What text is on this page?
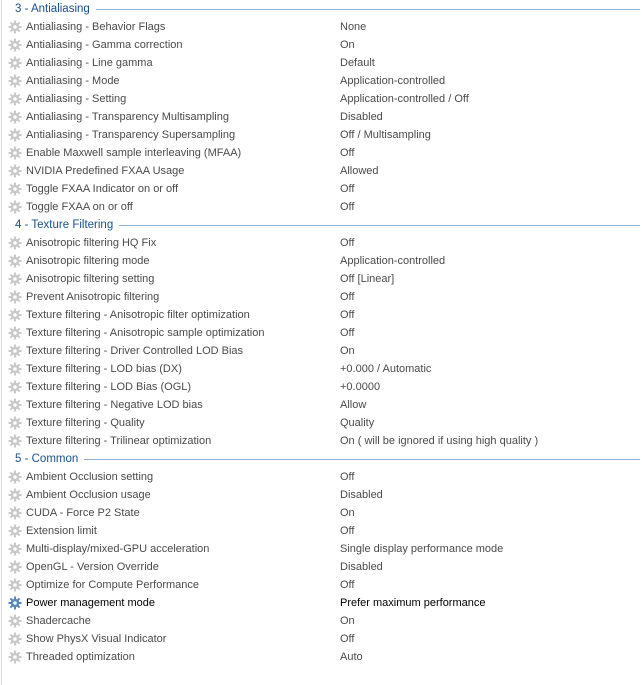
3 - Antialiasing
Antialiasing - Behavior Flags	None
Antialiasing - Gamma correction	On
Antialiasing - Line gamma	Default
Antialiasing - Mode	Application-controlled
Antialiasing - Setting	Application-controlled / Off
Antialiasing - Transparency Multisampling	Disabled
Antialiasing - Transparency Supersampling	Off / Multisampling
Enable Maxwell sample interleaving (MFAA)	Off
NVIDIA Predefined FXAA Usage	Allowed
Toggle FXAA Indicator on or off	Off
Toggle FXAA on or off	Off
4 - Texture Filtering
Anisotropic filtering HQ Fix	Off
Anisotropic filtering mode	Application-controlled
Anisotropic filtering setting	Off [Linear]
Prevent Anisotropic filtering	Off
Texture filtering - Anisotropic filter optimization	Off
Texture filtering - Anisotropic sample optimization	Off
Texture filtering - Driver Controlled LOD Bias	On
Texture filtering - LOD bias (DX)	+0.000 / Automatic
Texture filtering - LOD Bias (OGL)	+0.0000
Texture filtering - Negative LOD bias	Allow
Texture filtering - Quality	Quality
Texture filtering - Trilinear optimization	On ( will be ignored if using high quality )
5 - Common
Ambient Occlusion setting	Off
Ambient Occlusion usage	Disabled
CUDA - Force P2 State	On
Extension limit	Off
Multi-display/mixed-GPU acceleration	Single display performance mode
OpenGL - Version Override	Disabled
Optimize for Compute Performance	Off
Power management mode	Prefer maximum performance
Shadercache	On
Show PhysX Visual Indicator	Off
Threaded optimization	Auto
